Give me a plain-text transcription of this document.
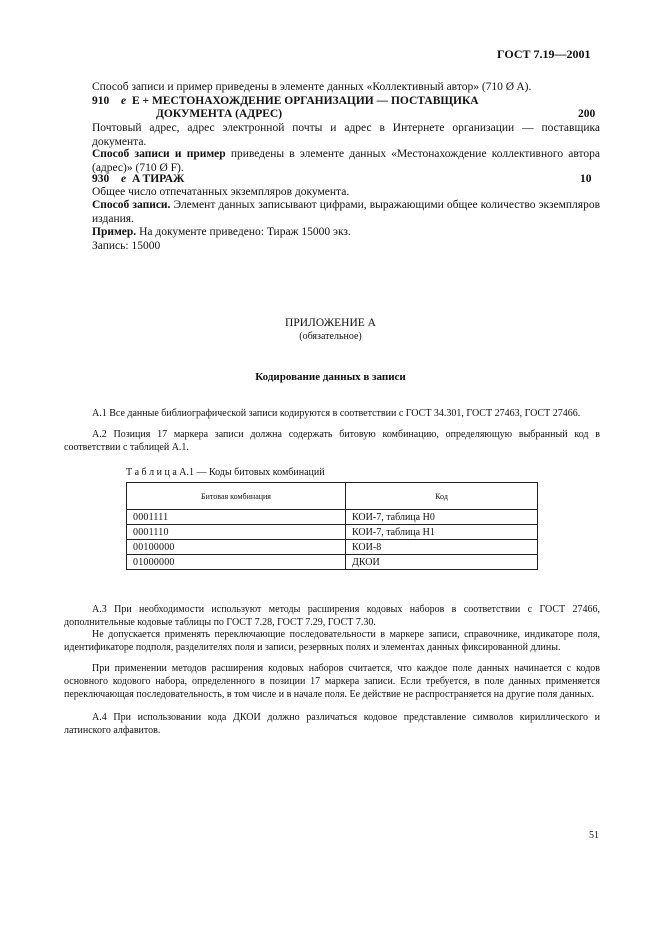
ГОСТ 7.19—2001
Способ записи и пример приведены в элементе данных «Коллективный автор» (710 Ø A).
910 e E + МЕСТОНАХОЖДЕНИЕ ОРГАНИЗАЦИИ — ПОСТАВЩИКА
ДОКУМЕНТА (АДРЕС)	200
Почтовый адрес, адрес электронной почты и адрес в Интернете организации — поставщика документа.
Способ записи и пример приведены в элементе данных «Местонахождение коллективного автора (адрес)» (710 Ø F).
930 e A ТИРАЖ	10
Общее число отпечатанных экземпляров документа.
Способ записи. Элемент данных записывают цифрами, выражающими общее количество экземпляров издания.
Пример. На документе приведено: Тираж 15000 экз.
Запись: 15000
ПРИЛОЖЕНИЕ А
(обязательное)
Кодирование данных в записи
А.1 Все данные библиографической записи кодируются в соответствии с ГОСТ 34.301, ГОСТ 27463, ГОСТ 27466.
А.2 Позиция 17 маркера записи должна содержать битовую комбинацию, определяющую выбранный код в соответствии с таблицей А.1.
Т а б л и ц а А.1 — Коды битовых комбинаций
Битовая комбинация	Код
0001111	КОИ-7, таблица Н0
0001110	КОИ-7, таблица Н1
00100000	КОИ-8
01000000	ДКОИ
А.3 При необходимости используют методы расширения кодовых наборов в соответствии с ГОСТ 27466, дополнительные кодовые таблицы по ГОСТ 7.28, ГОСТ 7.29, ГОСТ 7.30.
Не допускается применять переключающие последовательности в маркере записи, справочнике, индикаторе поля, идентификаторе подполя, разделителях поля и записи, резервных полях и элементах данных фиксированной длины.
При применении методов расширения кодовых наборов считается, что каждое поле данных начинается с кодов основного кодового набора, определенного в позиции 17 маркера записи. Если требуется, в поле данных применяется переключающая последовательность, в том числе и в начале поля. Ее действие не распространяется на другие поля данных.
А.4 При использовании кода ДКОИ должно различаться кодовое представление символов кириллического и латинского алфавитов.
51
